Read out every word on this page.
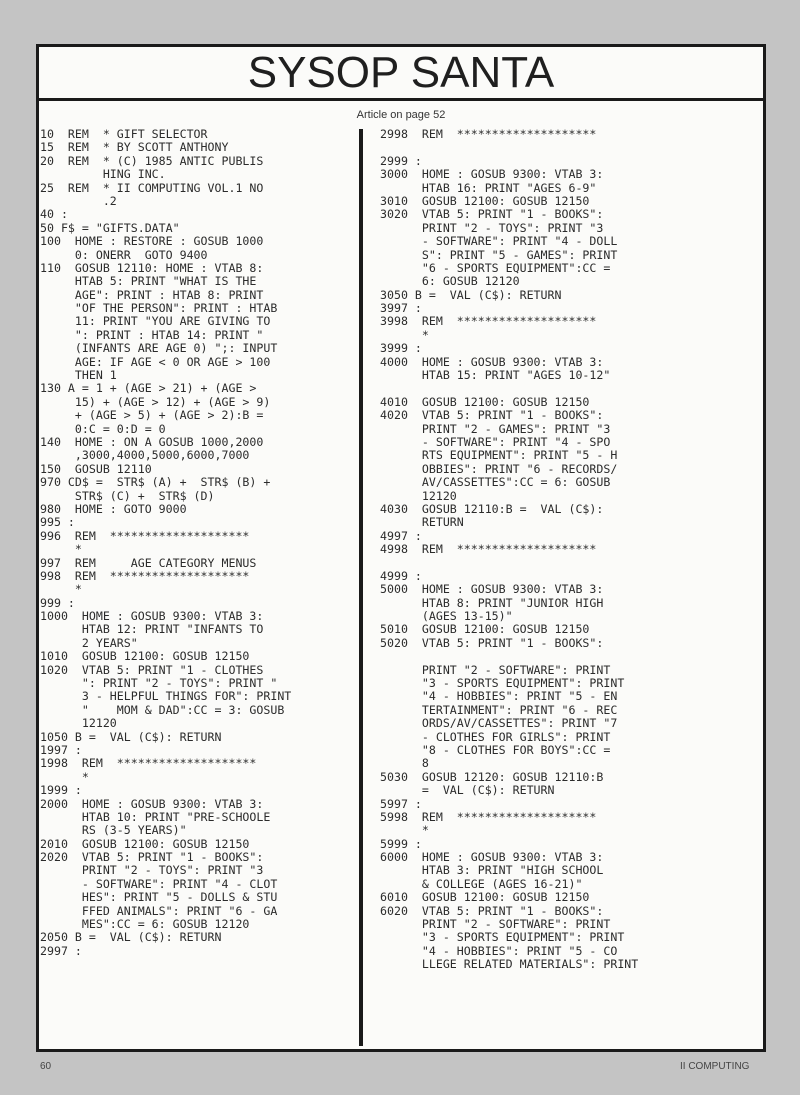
SYSOP SANTA
Article on page 52
10  REM  * GIFT SELECTOR
15  REM  * BY SCOTT ANTHONY
20  REM  * (C) 1985 ANTIC PUBLIS
HING INC.
25  REM  * II COMPUTING VOL.1 NO
.2
40 :
50 F$ = "GIFTS.DATA"
100  HOME : RESTORE : GOSUB 1000
0: ONERR  GOTO 9400
110  GOSUB 12110: HOME : VTAB 8:
HTAB 5: PRINT "WHAT IS THE
AGE": PRINT : HTAB 8: PRINT
"OF THE PERSON": PRINT : HTAB
11: PRINT "YOU ARE GIVING TO
": PRINT : HTAB 14: PRINT "
(INFANTS ARE AGE 0) ";: INPUT
AGE: IF AGE < 0 OR AGE > 100
THEN 1
130 A = 1 + (AGE > 21) + (AGE >
15) + (AGE > 12) + (AGE > 9)
+ (AGE > 5) + (AGE > 2):B =
0:C = 0:D = 0
140  HOME : ON A GOSUB 1000,2000
,3000,4000,5000,6000,7000
150  GOSUB 12110
970 CD$ =  STR$ (A) +  STR$ (B) +
STR$ (C) +  STR$ (D)
980  HOME : GOTO 9000
995 :
996  REM  ********************
*
997  REM     AGE CATEGORY MENUS
998  REM  ********************
*
999 :
1000  HOME : GOSUB 9300: VTAB 3:
HTAB 12: PRINT "INFANTS TO
2 YEARS"
1010  GOSUB 12100: GOSUB 12150
1020  VTAB 5: PRINT "1 - CLOTHES
": PRINT "2 - TOYS": PRINT "
3 - HELPFUL THINGS FOR": PRINT
"    MOM & DAD":CC = 3: GOSUB
12120
1050 B =  VAL (C$): RETURN
1997 :
1998  REM  ********************
*
1999 :
2000  HOME : GOSUB 9300: VTAB 3:
HTAB 10: PRINT "PRE-SCHOOLE
RS (3-5 YEARS)"
2010  GOSUB 12100: GOSUB 12150
2020  VTAB 5: PRINT "1 - BOOKS":
PRINT "2 - TOYS": PRINT "3
- SOFTWARE": PRINT "4 - CLOT
HES": PRINT "5 - DOLLS & STU
FFED ANIMALS": PRINT "6 - GA
MES":CC = 6: GOSUB 12120
2050 B =  VAL (C$): RETURN
2997 :
2998  REM  ********************
2999 :
3000  HOME : GOSUB 9300: VTAB 3:
HTAB 16: PRINT "AGES 6-9"
3010  GOSUB 12100: GOSUB 12150
3020  VTAB 5: PRINT "1 - BOOKS":
PRINT "2 - TOYS": PRINT "3
- SOFTWARE": PRINT "4 - DOLL
S": PRINT "5 - GAMES": PRINT
"6 - SPORTS EQUIPMENT":CC =
6: GOSUB 12120
3050 B =  VAL (C$): RETURN
3997 :
3998  REM  ********************
*
3999 :
4000  HOME : GOSUB 9300: VTAB 3:
HTAB 15: PRINT "AGES 10-12"
4010  GOSUB 12100: GOSUB 12150
4020  VTAB 5: PRINT "1 - BOOKS":
PRINT "2 - GAMES": PRINT "3
- SOFTWARE": PRINT "4 - SPO
RTS EQUIPMENT": PRINT "5 - H
OBBIES": PRINT "6 - RECORDS/
AV/CASSETTES":CC = 6: GOSUB
12120
4030  GOSUB 12110:B =  VAL (C$):
RETURN
4997 :
4998  REM  ********************
4999 :
5000  HOME : GOSUB 9300: VTAB 3:
HTAB 8: PRINT "JUNIOR HIGH
(AGES 13-15)"
5010  GOSUB 12100: GOSUB 12150
5020  VTAB 5: PRINT "1 - BOOKS":
PRINT "2 - SOFTWARE": PRINT
"3 - SPORTS EQUIPMENT": PRINT
"4 - HOBBIES": PRINT "5 - EN
TERTAINMENT": PRINT "6 - REC
ORDS/AV/CASSETTES": PRINT "7
- CLOTHES FOR GIRLS": PRINT
"8 - CLOTHES FOR BOYS":CC =
8
5030  GOSUB 12120: GOSUB 12110:B
=  VAL (C$): RETURN
5997 :
5998  REM  ********************
*
5999 :
6000  HOME : GOSUB 9300: VTAB 3:
HTAB 3: PRINT "HIGH SCHOOL
& COLLEGE (AGES 16-21)"
6010  GOSUB 12100: GOSUB 12150
6020  VTAB 5: PRINT "1 - BOOKS":
PRINT "2 - SOFTWARE": PRINT
"3 - SPORTS EQUIPMENT": PRINT
"4 - HOBBIES": PRINT "5 - CO
LLEGE RELATED MATERIALS": PRINT
60	II COMPUTING
